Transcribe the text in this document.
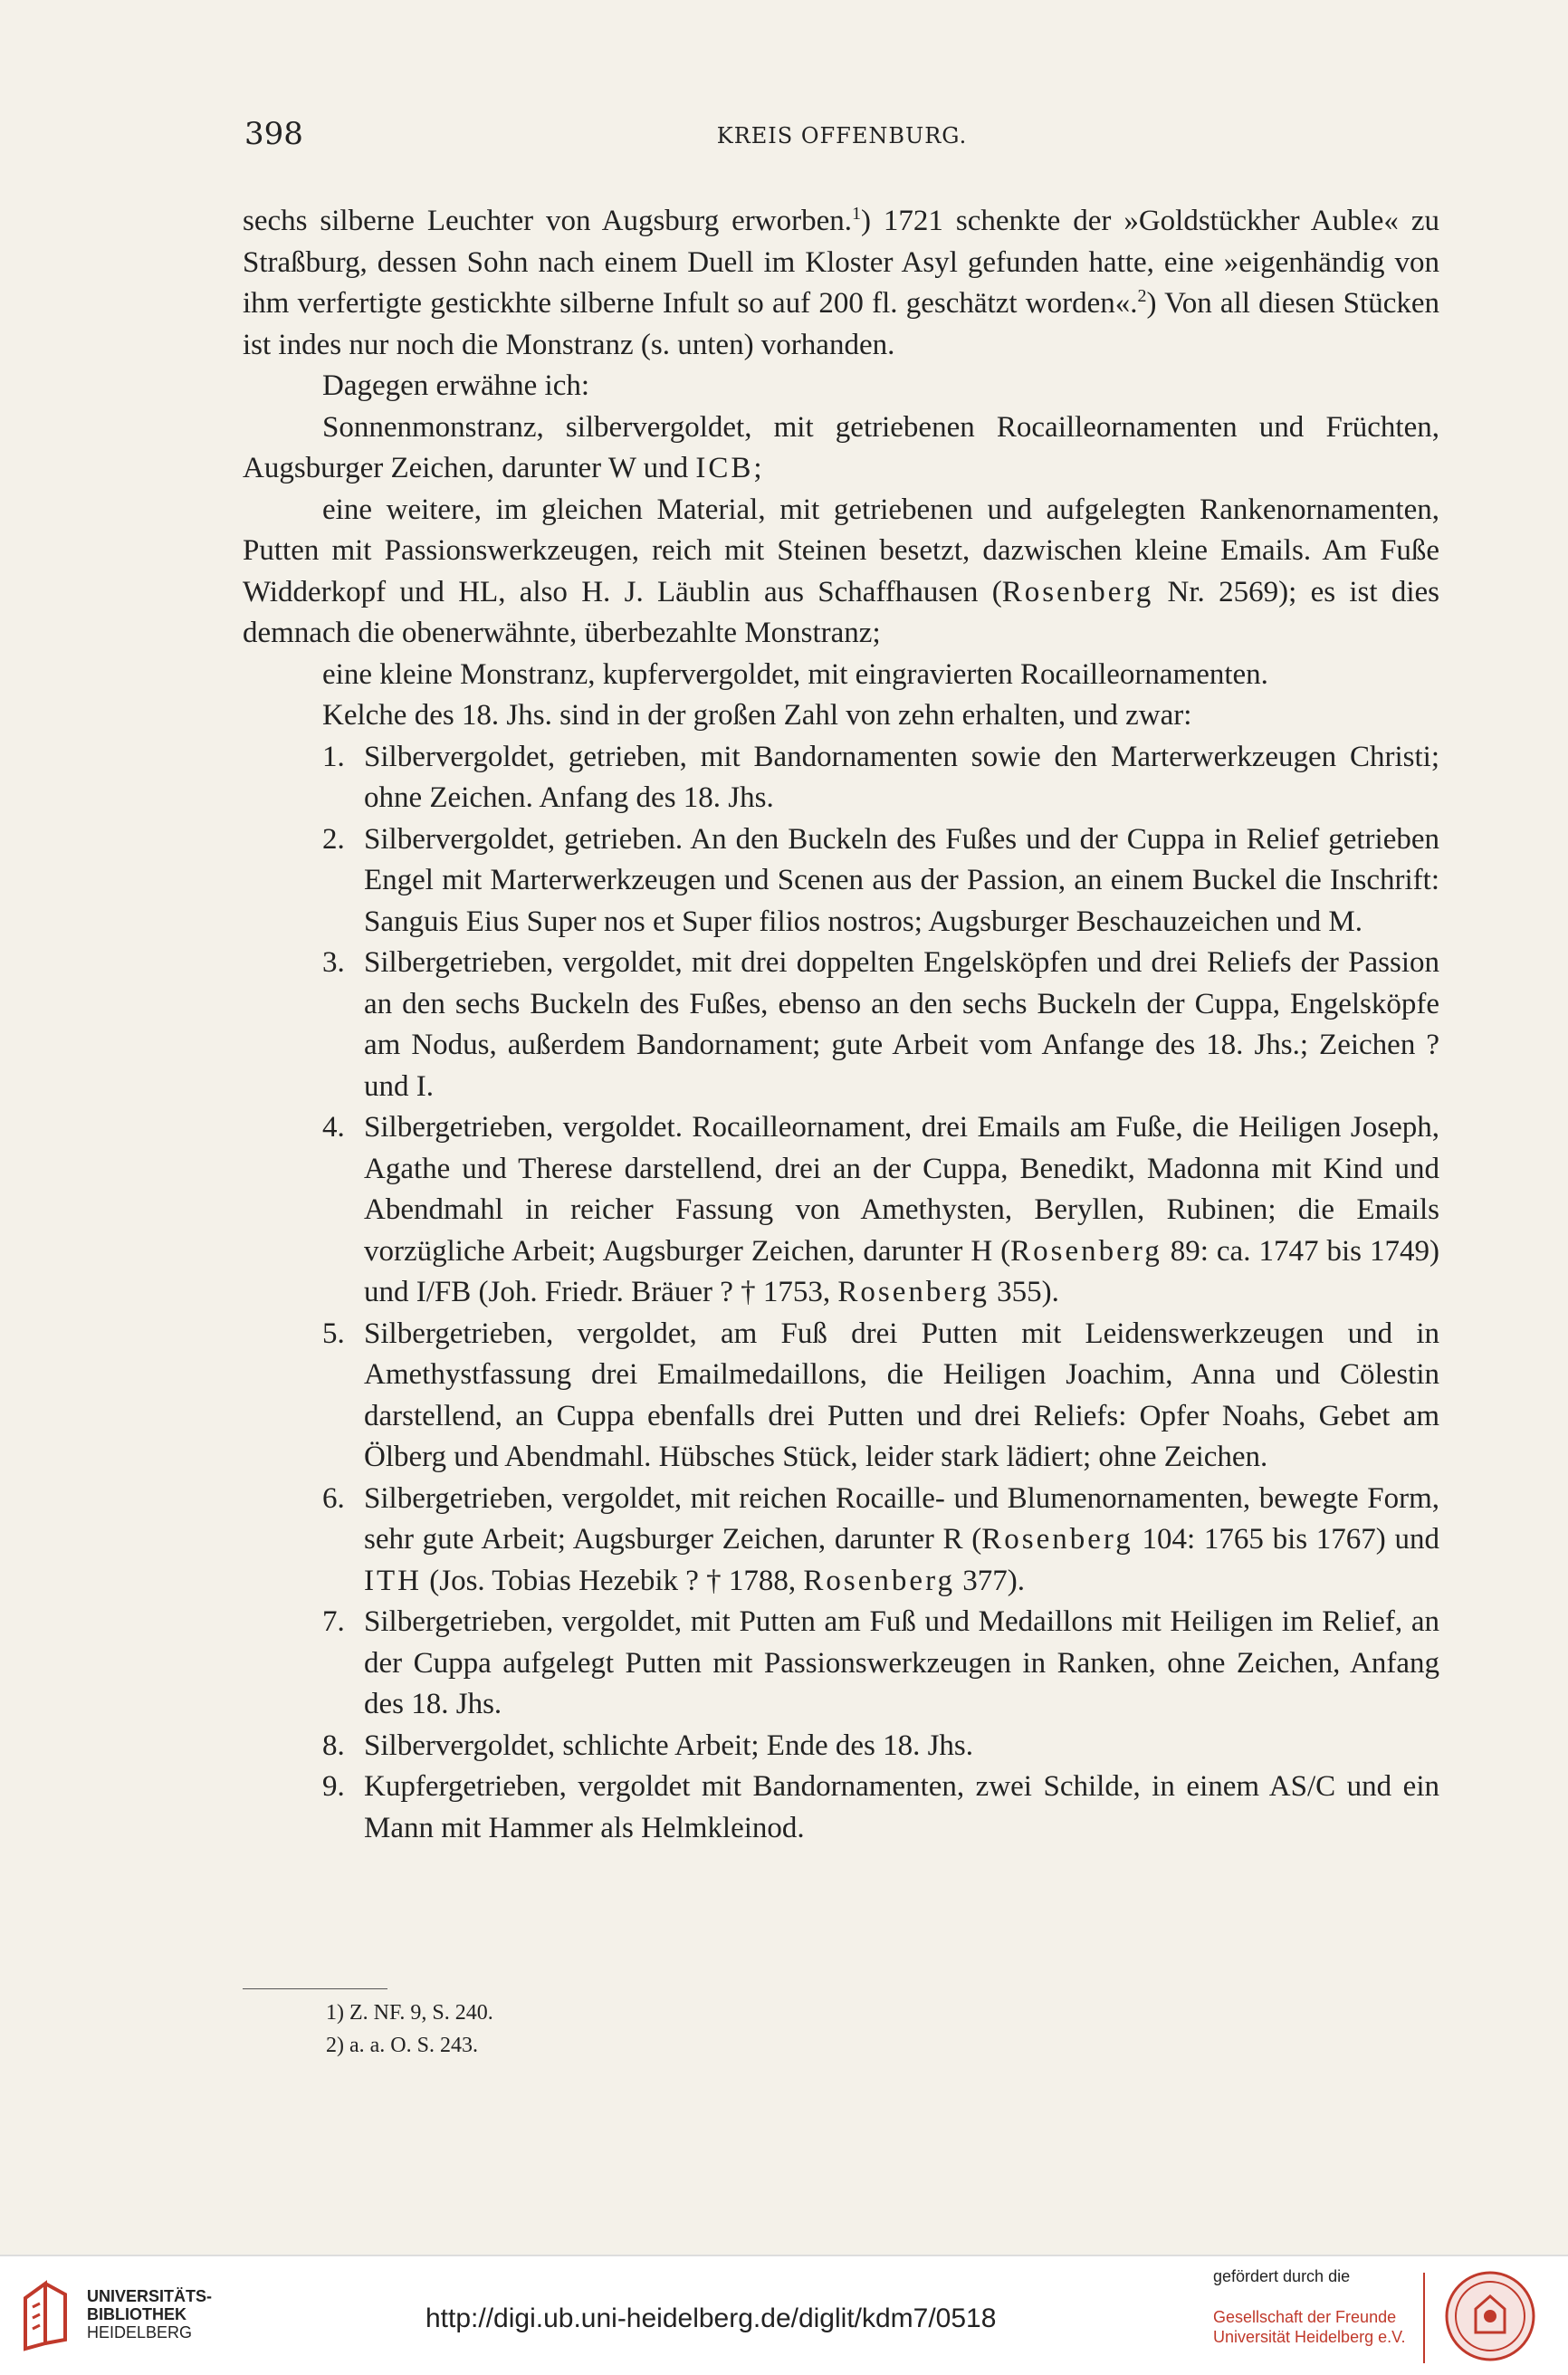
398	KREIS OFFENBURG.

sechs silberne Leuchter von Augsburg erworben.$^1$) 1721 schenkte der »Goldstückher Auble« zu Straßburg, dessen Sohn nach einem Duell im Kloster Asyl gefunden hatte, eine »eigenhändig von ihm verfertigte gestickhte silberne Infult so auf 200 fl. geschätzt worden«.$^2$) Von all diesen Stücken ist indes nur noch die Monstranz (s. unten) vorhanden.

Dagegen erwähne ich:

Sonnenmonstranz, silbervergoldet, mit getriebenen Rocailleornamenten und Früchten, Augsburger Zeichen, darunter W und ICB;

eine weitere, im gleichen Material, mit getriebenen und aufgelegten Rankenornamenten, Putten mit Passionswerkzeugen, reich mit Steinen besetzt, dazwischen kleine Emails. Am Fuße Widderkopf und HL, also H. J. Läublin aus Schaffhausen (Rosenberg Nr. 2569); es ist dies demnach die obenerwähnte, überbezahlte Monstranz;

eine kleine Monstranz, kupfervergoldet, mit eingravierten Rocailleornamenten.

Kelche des 18. Jhs. sind in der großen Zahl von zehn erhalten, und zwar:

1. Silbervergoldet, getrieben, mit Bandornamenten sowie den Marterwerkzeugen Christi; ohne Zeichen. Anfang des 18. Jhs.
2. Silbervergoldet, getrieben. An den Buckeln des Fußes und der Cuppa in Relief getrieben Engel mit Marterwerkzeugen und Scenen aus der Passion, an einem Buckel die Inschrift: Sanguis Eius Super nos et Super filios nostros; Augsburger Beschauzeichen und M.
3. Silbergetrieben, vergoldet, mit drei doppelten Engelsköpfen und drei Reliefs der Passion an den sechs Buckeln des Fußes, ebenso an den sechs Buckeln der Cuppa, Engelsköpfe am Nodus, außerdem Bandornament; gute Arbeit vom Anfange des 18. Jhs.; Zeichen ? und I.
4. Silbergetrieben, vergoldet. Rocailleornament, drei Emails am Fuße, die Heiligen Joseph, Agathe und Therese darstellend, drei an der Cuppa, Benedikt, Madonna mit Kind und Abendmahl in reicher Fassung von Amethysten, Beryllen, Rubinen; die Emails vorzügliche Arbeit; Augsburger Zeichen, darunter H (Rosenberg 89: ca. 1747 bis 1749) und I/FB (Joh. Friedr. Bräuer ? † 1753, Rosenberg 355).
5. Silbergetrieben, vergoldet, am Fuß drei Putten mit Leidenswerkzeugen und in Amethystfassung drei Emailmedaillons, die Heiligen Joachim, Anna und Cölestin darstellend, an Cuppa ebenfalls drei Putten und drei Reliefs: Opfer Noahs, Gebet am Ölberg und Abendmahl. Hübsches Stück, leider stark lädiert; ohne Zeichen.
6. Silbergetrieben, vergoldet, mit reichen Rocaille- und Blumenornamenten, bewegte Form, sehr gute Arbeit; Augsburger Zeichen, darunter R (Rosenberg 104: 1765 bis 1767) und ITH (Jos. Tobias Hezebik ? † 1788, Rosenberg 377).
7. Silbergetrieben, vergoldet, mit Putten am Fuß und Medaillons mit Heiligen im Relief, an der Cuppa aufgelegt Putten mit Passionswerkzeugen in Ranken, ohne Zeichen, Anfang des 18. Jhs.
8. Silbervergoldet, schlichte Arbeit; Ende des 18. Jhs.
9. Kupfergetrieben, vergoldet mit Bandornamenten, zwei Schilde, in einem AS/C und ein Mann mit Hammer als Helmkleinod.
1) Z. NF. 9, S. 240.
2) a. a. O. S. 243.
UNIVERSITÄTS-
BIBLIOTHEK
HEIDELBERG	http://digi.ub.uni-heidelberg.de/diglit/kdm7/0518
gefördert durch die
Gesellschaft der Freunde
Universität Heidelberg e.V.
